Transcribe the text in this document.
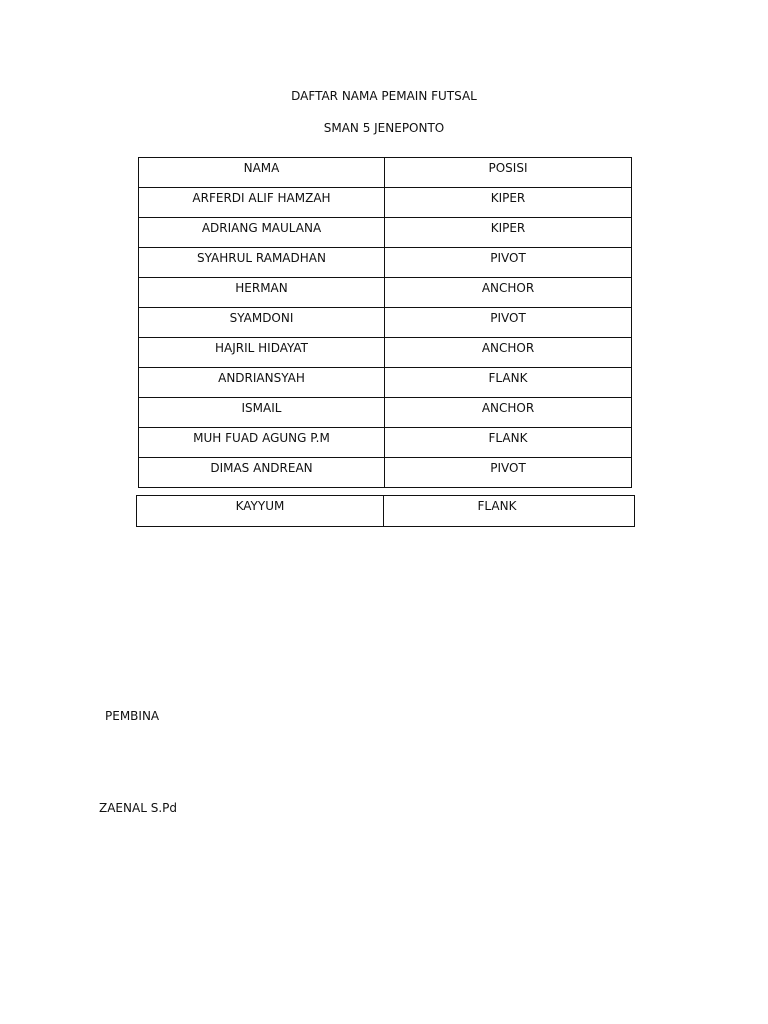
DAFTAR NAMA PEMAIN FUTSAL
SMAN 5 JENEPONTO
NAMA	POSISI
ARFERDI ALIF HAMZAH	KIPER
ADRIANG MAULANA	KIPER
SYAHRUL RAMADHAN	PIVOT
HERMAN	ANCHOR
SYAMDONI	PIVOT
HAJRIL HIDAYAT	ANCHOR
ANDRIANSYAH	FLANK
ISMAIL	ANCHOR
MUH FUAD AGUNG P.M	FLANK
DIMAS ANDREAN	PIVOT
KAYYUM	FLANK
PEMBINA
ZAENAL S.Pd
